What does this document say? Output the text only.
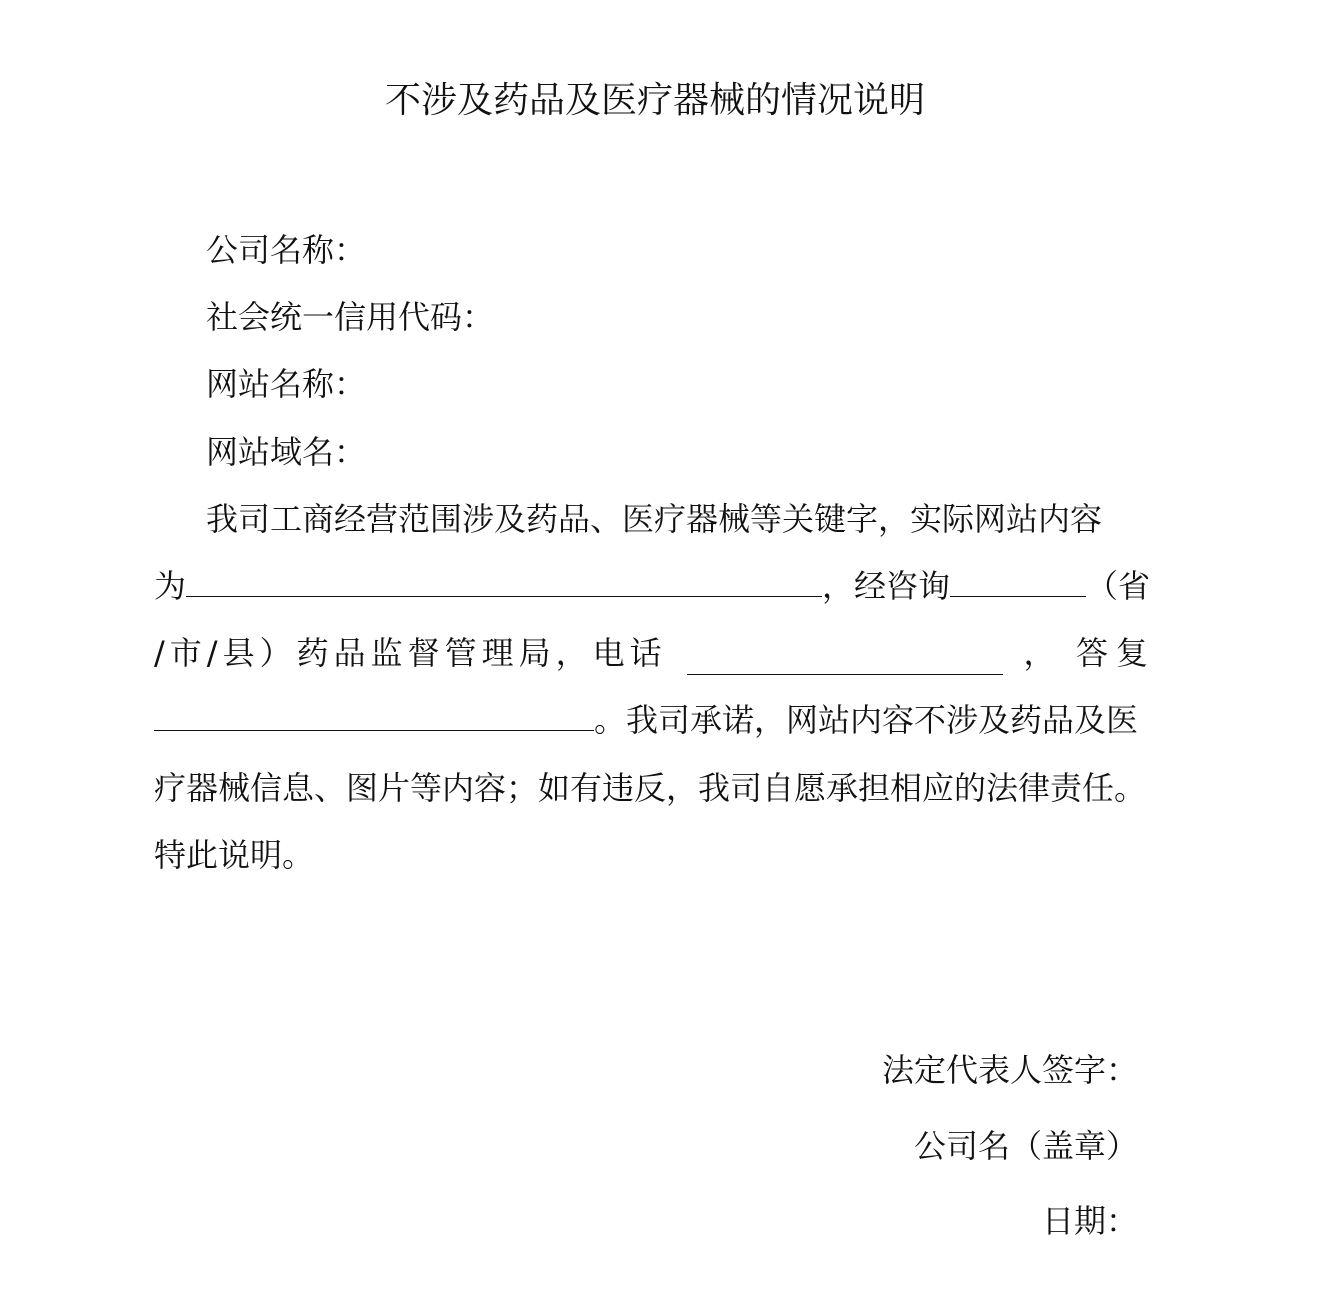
不涉及药品及医疗器械的情况说明
公司名称：
社会统一信用代码：
网站名称：
网站域名：
我司工商经营范围涉及药品、医疗器械等关键字，实际网站内容
为	，经咨询	（省
/市/县）药品监督管理局，电话	， 答复
。我司承诺，网站内容不涉及药品及医
疗器械信息、图片等内容；如有违反，我司自愿承担相应的法律责任。
特此说明。
法定代表人签字：
公司名（盖章）
日期：
